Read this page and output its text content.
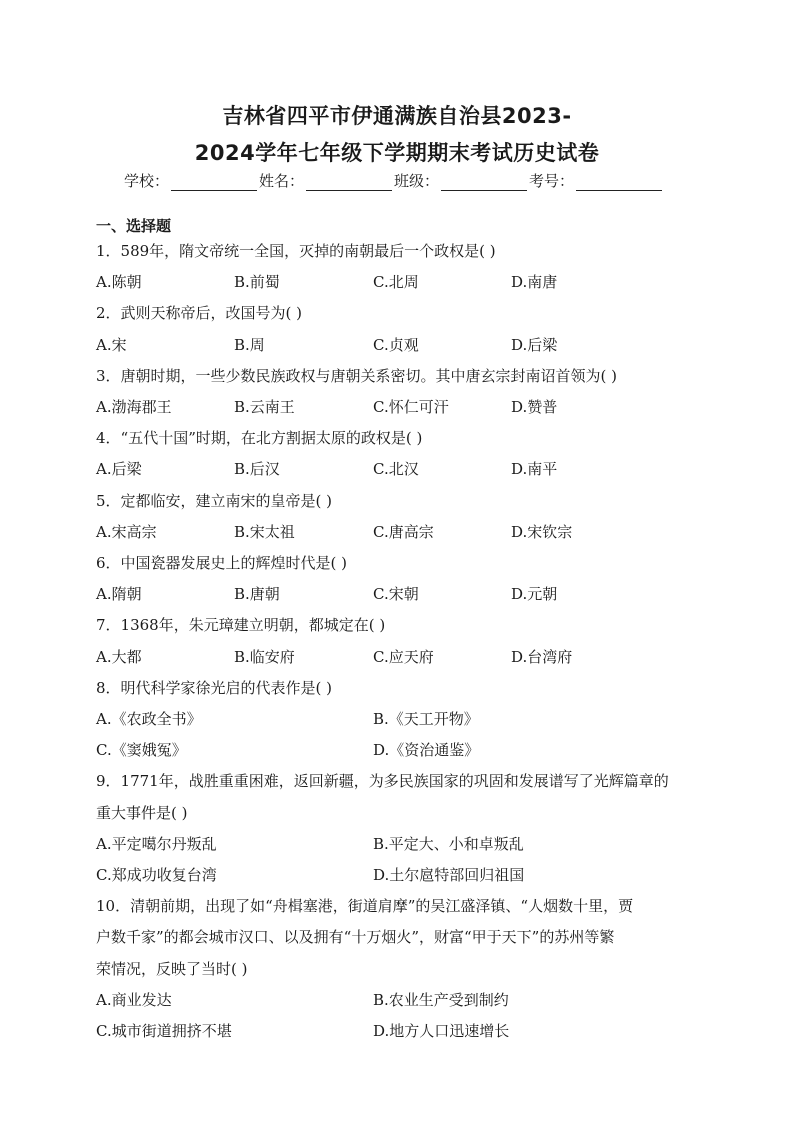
吉林省四平市伊通满族自治县2023-
2024学年七年级下学期期末考试历史试卷
学校：	姓名：	班级：	考号：
一、选择题
1．589年，隋文帝统一全国，灭掉的南朝最后一个政权是( )
A.陈朝	B.前蜀	C.北周	D.南唐
2．武则天称帝后，改国号为( )
A.宋	B.周	C.贞观	D.后梁
3．唐朝时期，一些少数民族政权与唐朝关系密切。其中唐玄宗封南诏首领为( )
A.渤海郡王	B.云南王	C.怀仁可汗	D.赞普
4．“五代十国”时期，在北方割据太原的政权是( )
A.后梁	B.后汉	C.北汉	D.南平
5．定都临安，建立南宋的皇帝是( )
A.宋高宗	B.宋太祖	C.唐高宗	D.宋钦宗
6．中国瓷器发展史上的辉煌时代是( )
A.隋朝	B.唐朝	C.宋朝	D.元朝
7．1368年，朱元璋建立明朝，都城定在( )
A.大都	B.临安府	C.应天府	D.台湾府
8．明代科学家徐光启的代表作是( )
A.《农政全书》	B.《天工开物》
C.《窦娥冤》	D.《资治通鉴》
9．1771年，战胜重重困难，返回新疆，为多民族国家的巩固和发展谱写了光辉篇章的
重大事件是( )
A.平定噶尔丹叛乱	B.平定大、小和卓叛乱
C.郑成功收复台湾	D.土尔扈特部回归祖国
10．清朝前期，出现了如“舟楫塞港，街道肩摩”的吴江盛泽镇、“人烟数十里，贾
户数千家”的都会城市汉口、以及拥有“十万烟火”，财富“甲于天下”的苏州等繁
荣情况，反映了当时( )
A.商业发达	B.农业生产受到制约
C.城市街道拥挤不堪	D.地方人口迅速增长
